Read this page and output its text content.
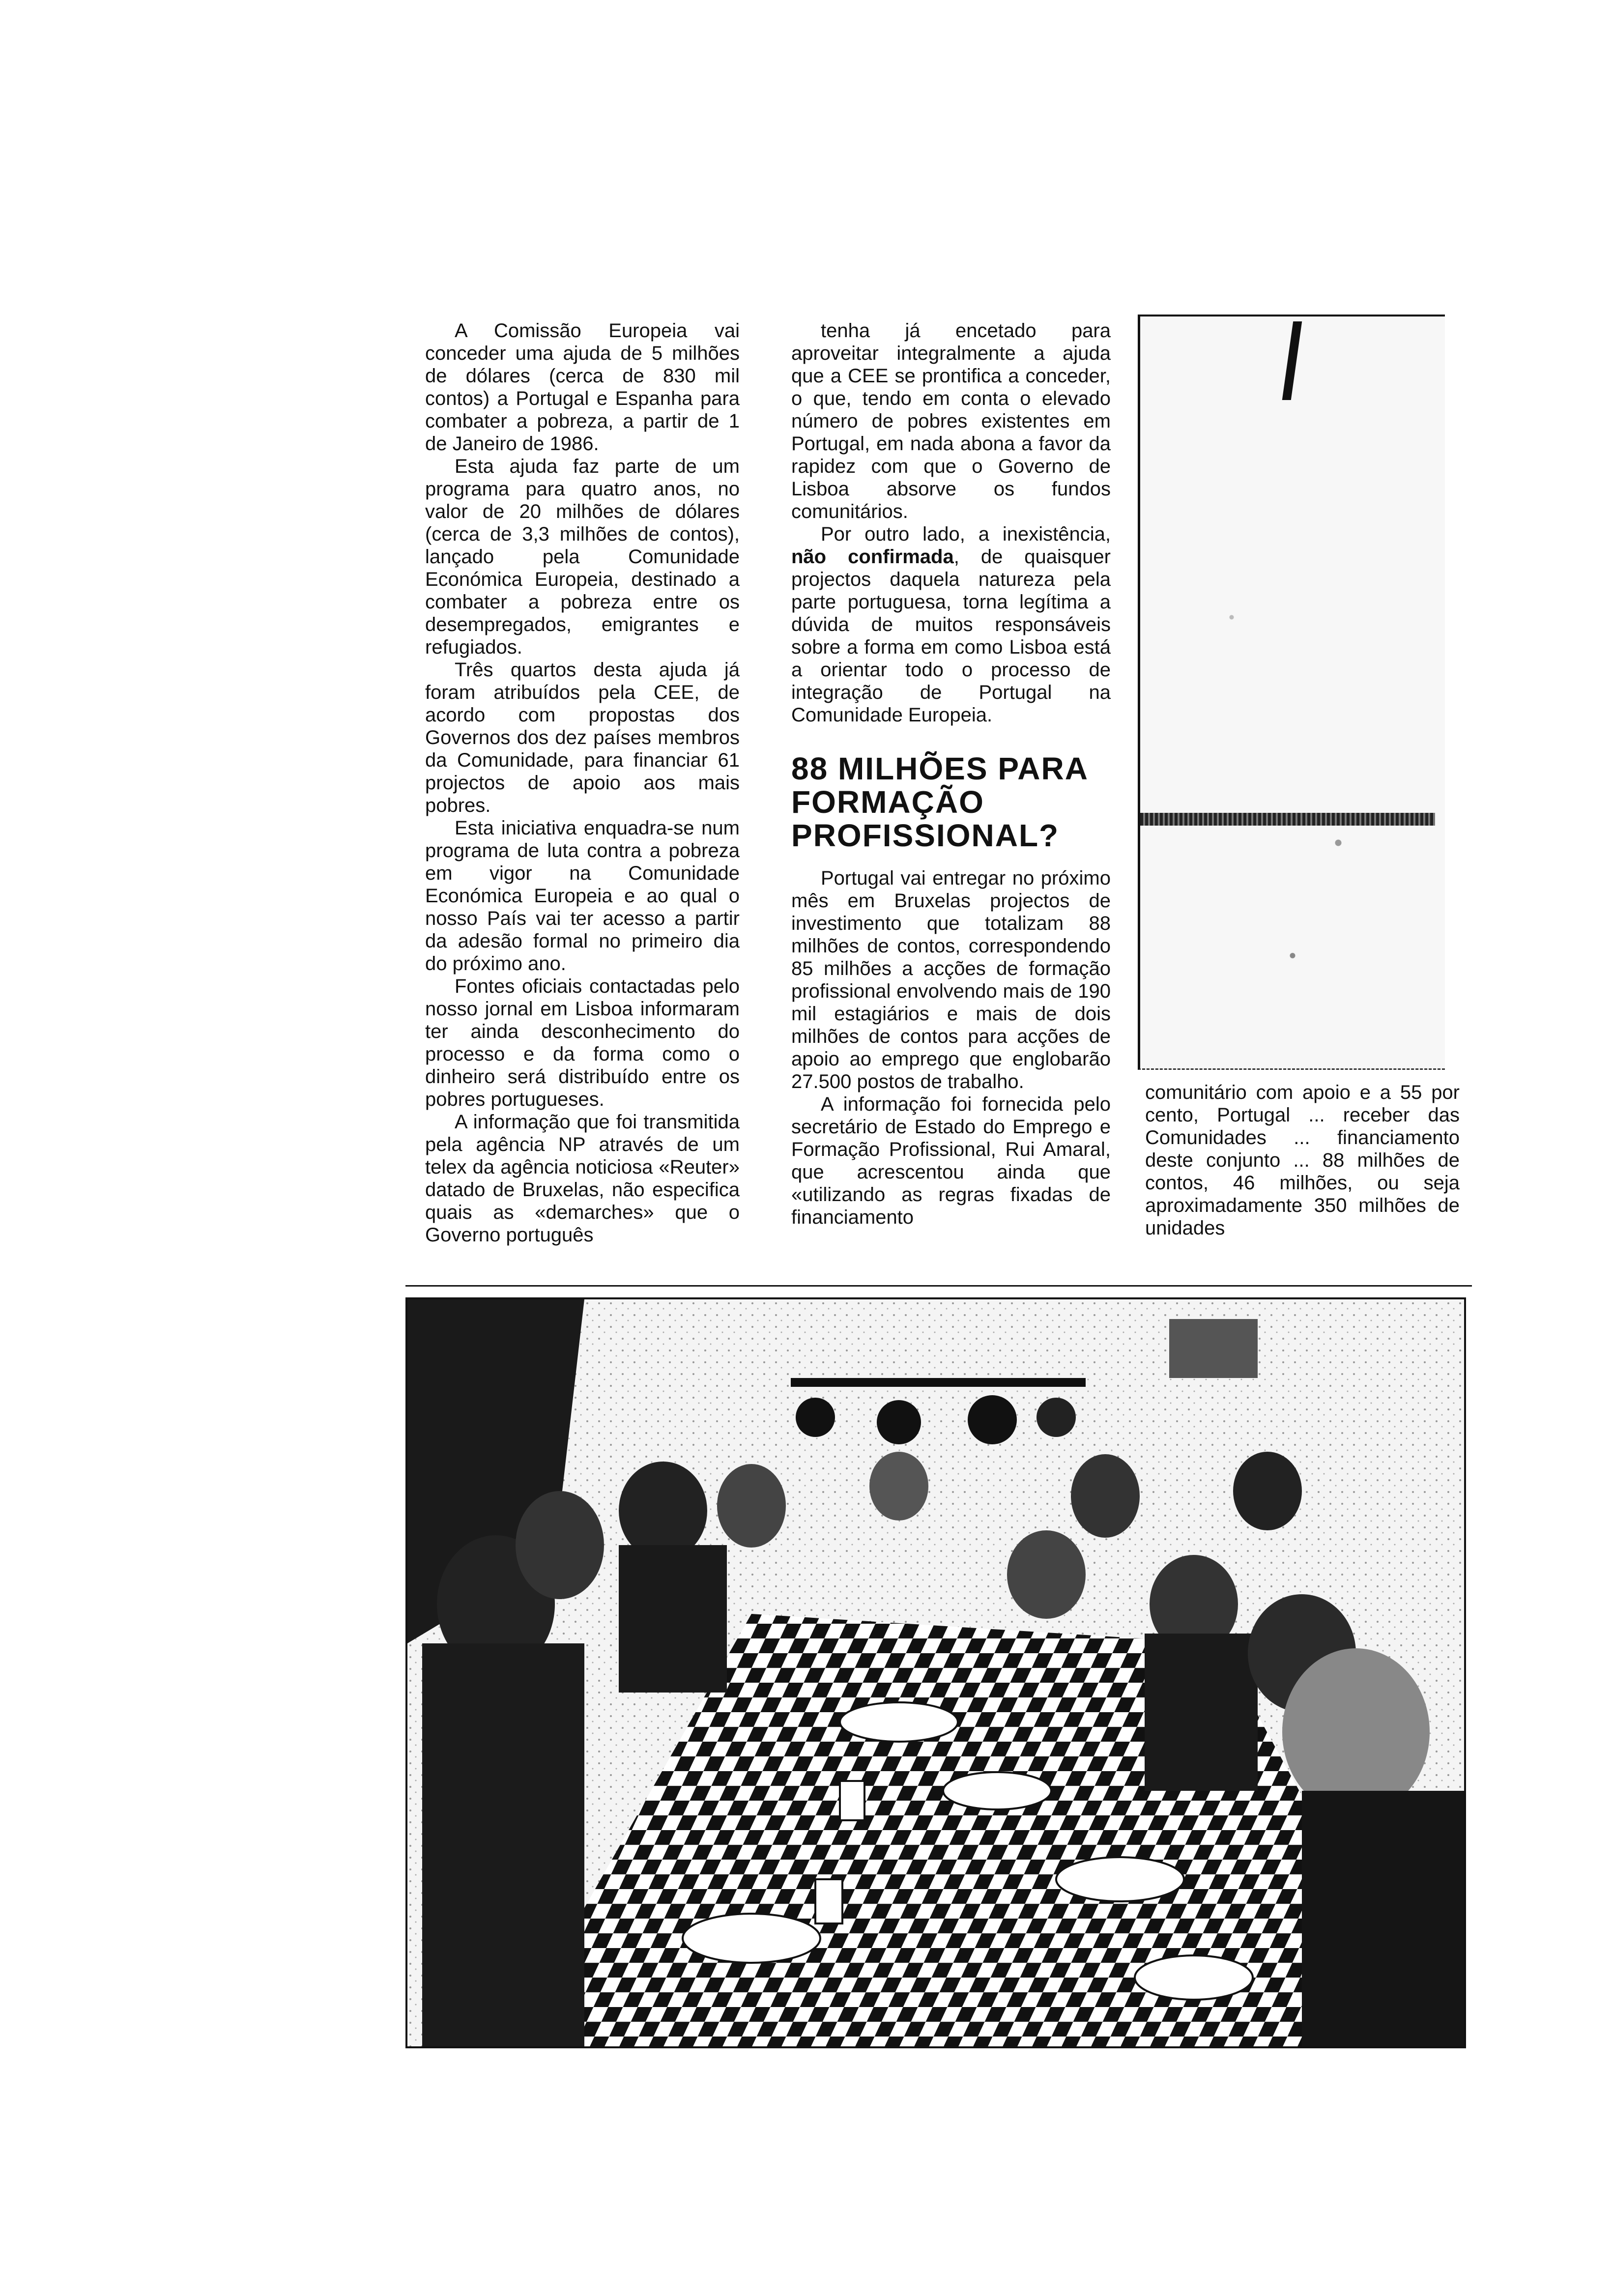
A Comissão Europeia vai conceder uma ajuda de 5 milhões de dólares (cerca de 830 mil contos) a Portugal e Espanha para combater a pobreza, a partir de 1 de Janeiro de 1986.

Esta ajuda faz parte de um programa para quatro anos, no valor de 20 milhões de dólares (cerca de 3,3 milhões de contos), lançado pela Comunidade Económica Europeia, destinado a combater a pobreza entre os desempregados, emigrantes e refugiados.

Três quartos desta ajuda já foram atribuídos pela CEE, de acordo com propostas dos Governos dos dez países membros da Comunidade, para financiar 61 projectos de apoio aos mais pobres.

Esta iniciativa enquadra-se num programa de luta contra a pobreza em vigor na Comunidade Económica Europeia e ao qual o nosso País vai ter acesso a partir da adesão formal no primeiro dia do próximo ano.

Fontes oficiais contactadas pelo nosso jornal em Lisboa informaram ter ainda desconhecimento do processo e da forma como o dinheiro será distribuído entre os pobres portugueses.

A informação que foi transmitida pela agência NP através de um telex da agência noticiosa «Reuter» datado de Bruxelas, não especifica quais as «demarches» que o Governo português

tenha já encetado para aproveitar integralmente a ajuda que a CEE se prontifica a conceder, o que, tendo em conta o elevado número de pobres existentes em Portugal, em nada abona a favor da rapidez com que o Governo de Lisboa absorve os fundos comunitários.

Por outro lado, a inexistência, não confirmada, de quaisquer projectos daquela natureza pela parte portuguesa, torna legítima a dúvida de muitos responsáveis sobre a forma em como Lisboa está a orientar todo o processo de integração de Portugal na Comunidade Europeia.

88 MILHÕES PARA FORMAÇÃO PROFISSIONAL?

Portugal vai entregar no próximo mês em Bruxelas projectos de investimento que totalizam 88 milhões de contos, correspondendo 85 milhões a acções de formação profissional envolvendo mais de 190 mil estagiários e mais de dois milhões de contos para acções de apoio ao emprego que englobarão 27.500 postos de trabalho.

A informação foi fornecida pelo secretário de Estado do Emprego e Formação Profissional, Rui Amaral, que acrescentou ainda que «utilizando as regras fixadas de financiamento

comunitário com apoio e a 55 por cento, Portugal ... receber das Comunidades ... financiamento deste conjunto ... 88 milhões de contos, 46 milhões, ou seja aproximadamente 350 milhões de unidades
